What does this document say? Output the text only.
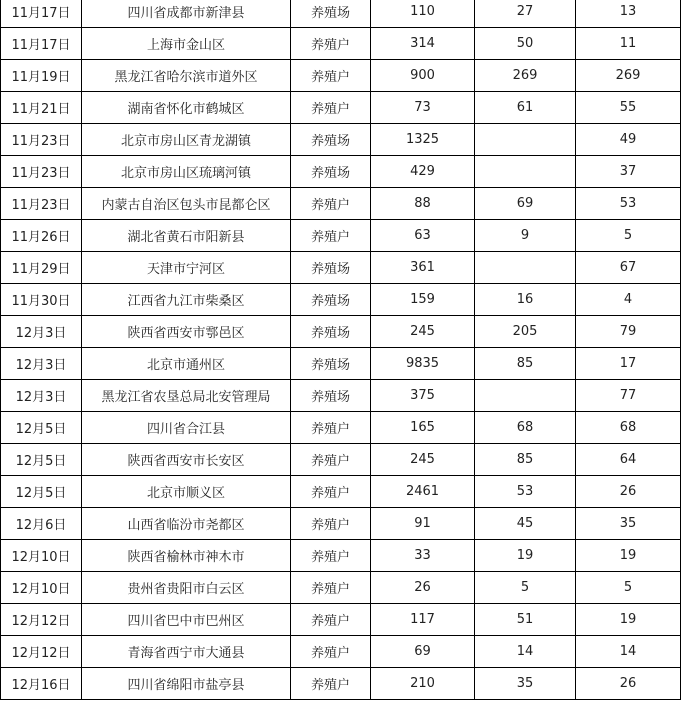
11月17日	四川省成都市新津县	养殖场	110	27	13
11月17日	上海市金山区	养殖户	314	50	11
11月19日	黑龙江省哈尔滨市道外区	养殖户	900	269	269
11月21日	湖南省怀化市鹤城区	养殖户	73	61	55
11月23日	北京市房山区青龙湖镇	养殖场	1325		49
11月23日	北京市房山区琉璃河镇	养殖场	429		37
11月23日	内蒙古自治区包头市昆都仑区	养殖户	88	69	53
11月26日	湖北省黄石市阳新县	养殖户	63	9	5
11月29日	天津市宁河区	养殖场	361		67
11月30日	江西省九江市柴桑区	养殖场	159	16	4
12月3日	陕西省西安市鄠邑区	养殖场	245	205	79
12月3日	北京市通州区	养殖场	9835	85	17
12月3日	黑龙江省农垦总局北安管理局	养殖场	375		77
12月5日	四川省合江县	养殖户	165	68	68
12月5日	陕西省西安市长安区	养殖户	245	85	64
12月5日	北京市顺义区	养殖户	2461	53	26
12月6日	山西省临汾市尧都区	养殖户	91	45	35
12月10日	陕西省榆林市神木市	养殖户	33	19	19
12月10日	贵州省贵阳市白云区	养殖户	26	5	5
12月12日	四川省巴中市巴州区	养殖户	117	51	19
12月12日	青海省西宁市大通县	养殖户	69	14	14
12月16日	四川省绵阳市盐亭县	养殖户	210	35	26
